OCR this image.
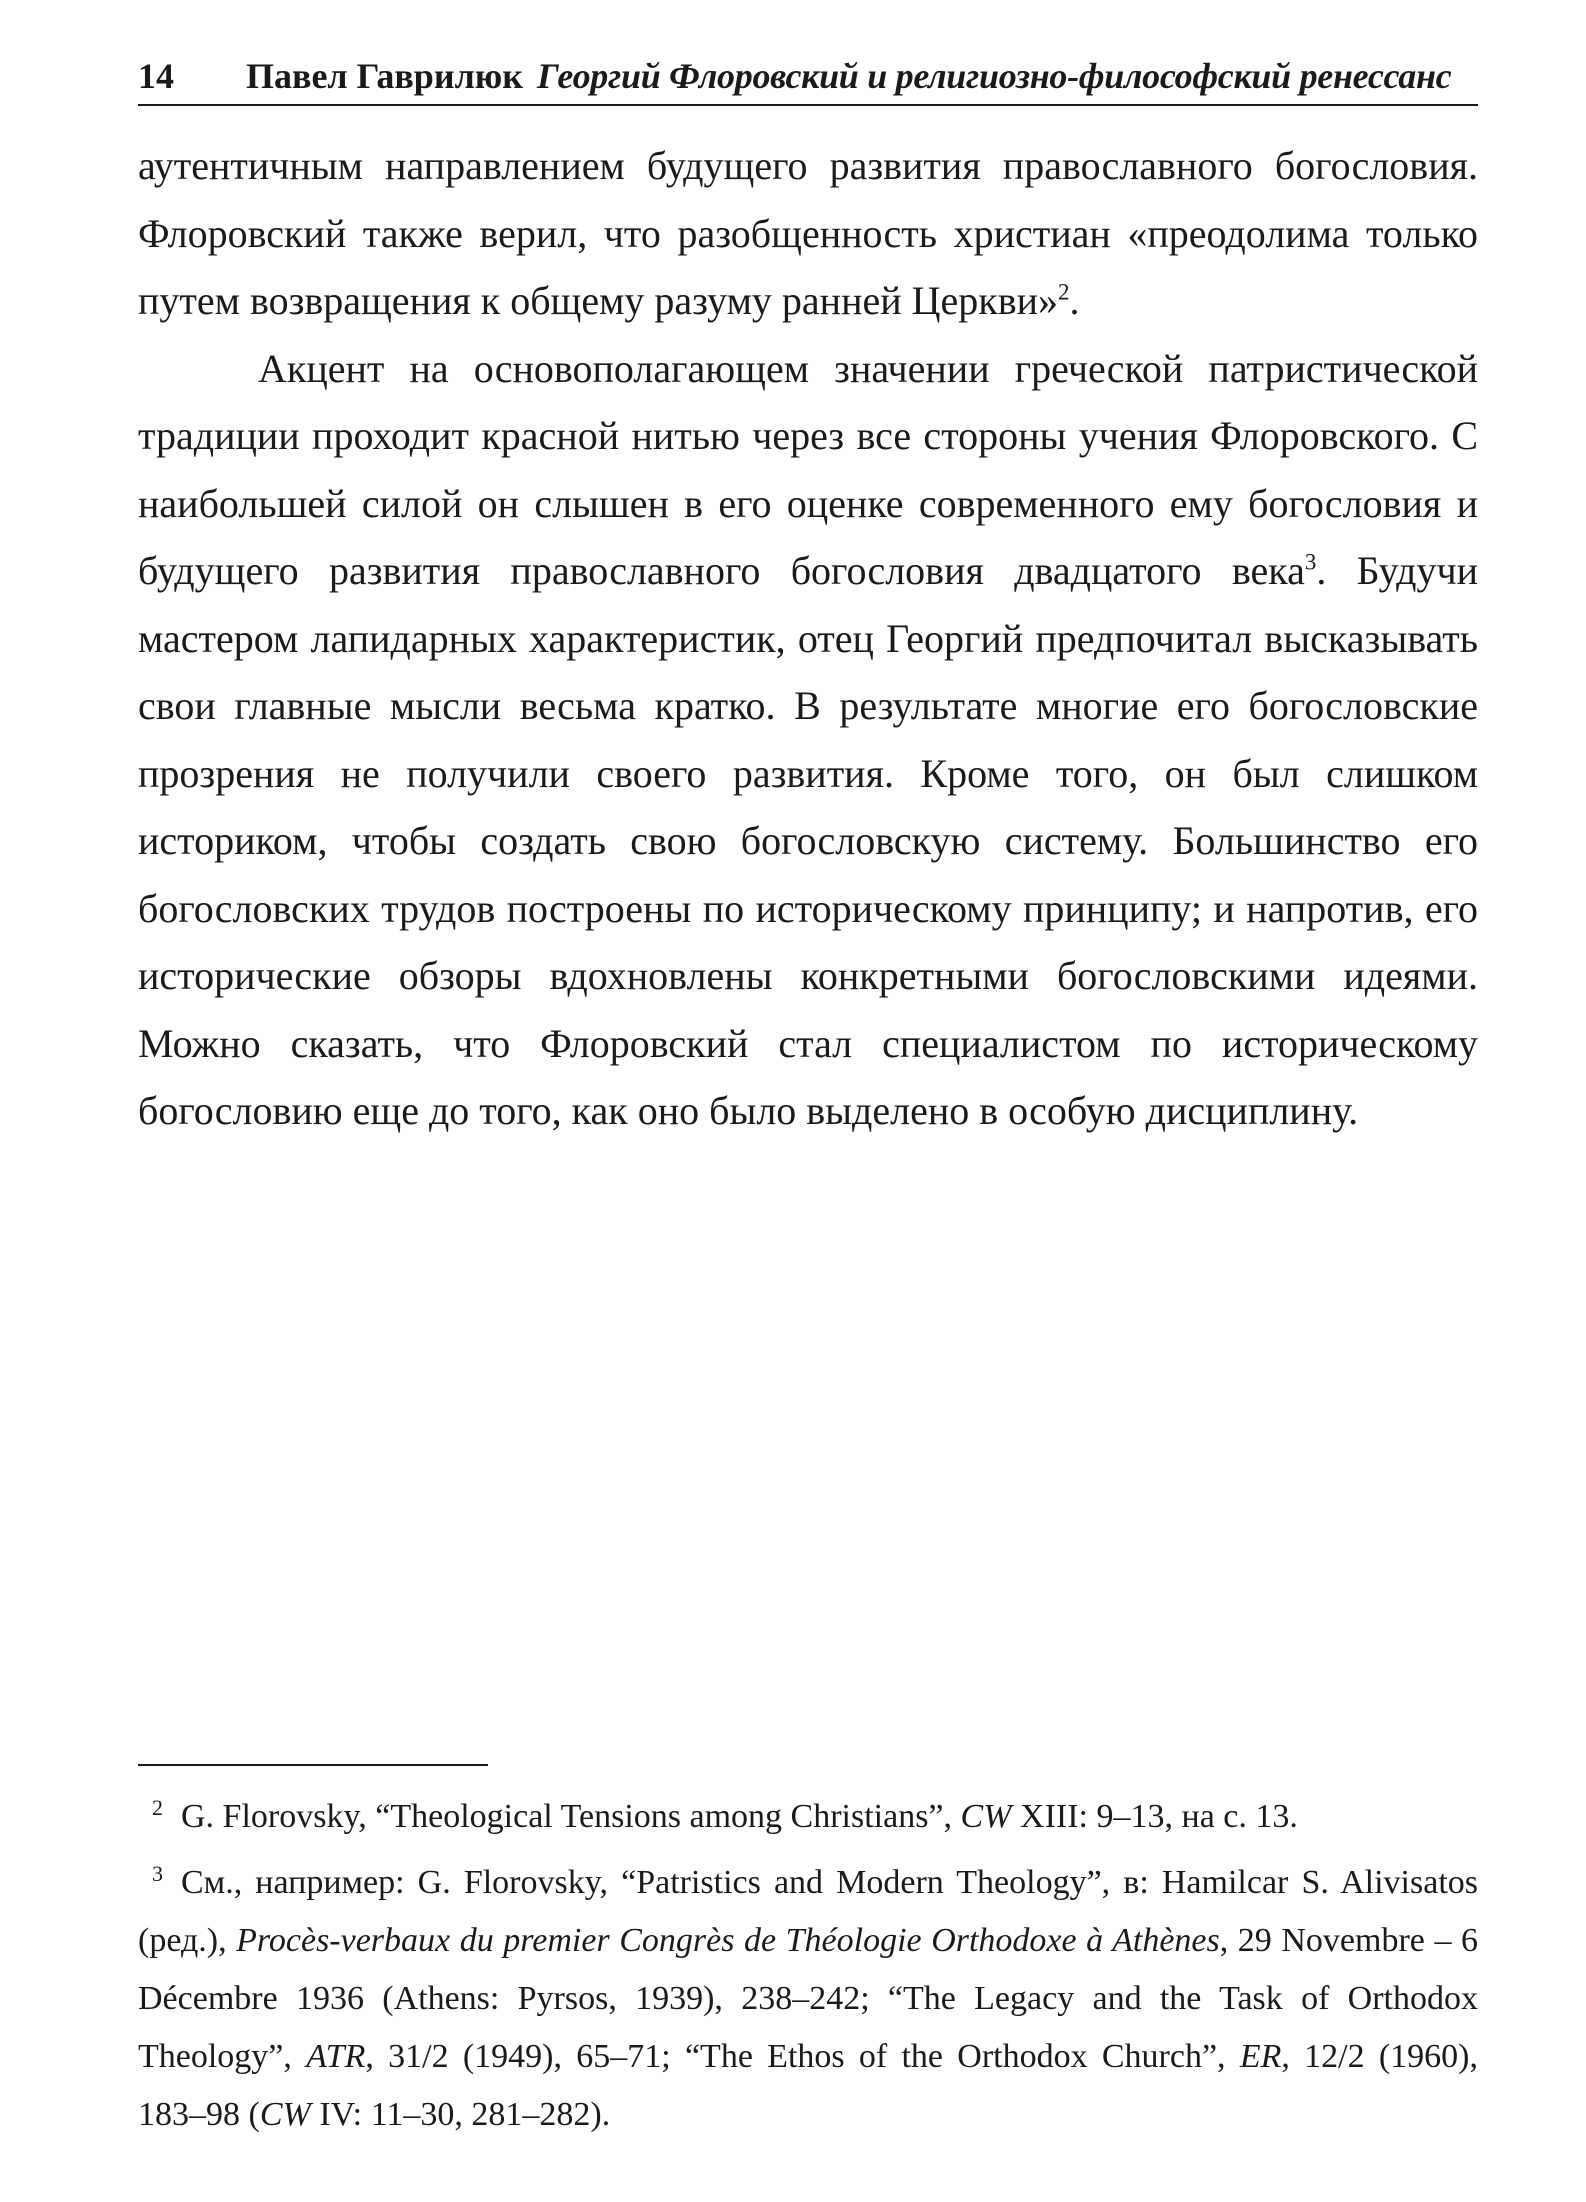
14	Павел Гаврилюк Георгий Флоровский и религиозно-философский ренессанс

аутентичным направлением будущего развития православного богословия. Флоровский также верил, что разобщенность христиан «преодолима только путем возвращения к общему разуму ранней Церкви»$^2$.

Акцент на основополагающем значении греческой патристической традиции проходит красной нитью через все стороны учения Флоровского. С наибольшей силой он слышен в его оценке современного ему богословия и будущего развития православного богословия двадцатого века$^3$. Будучи мастером лапидарных характеристик, отец Георгий предпочитал высказывать свои главные мысли весьма кратко. В результате многие его богословские прозрения не получили своего развития. Кроме того, он был слишком историком, чтобы создать свою богословскую систему. Большинство его богословских трудов построены по историческому принципу; и напротив, его исторические обзоры вдохновлены конкретными богословскими идеями. Можно сказать, что Флоровский стал специалистом по историческому богословию еще до того, как оно было выделено в особую дисциплину.

$^2$ G. Florovsky, “Theological Tensions among Christians”, CW XIII: 9–13, на с. 13.

$^3$ См., например: G. Florovsky, “Patristics and Modern Theology”, в: Hamilcar S. Alivisatos (ред.), Procès-verbaux du premier Congrès de Théologie Orthodoxe à Athènes, 29 Novembre – 6 Décembre 1936 (Athens: Pyrsos, 1939), 238–242; “The Legacy and the Task of Orthodox Theology”, ATR, 31/2 (1949), 65–71; “The Ethos of the Orthodox Church”, ER, 12/2 (1960), 183–98 (CW IV: 11–30, 281–282).
